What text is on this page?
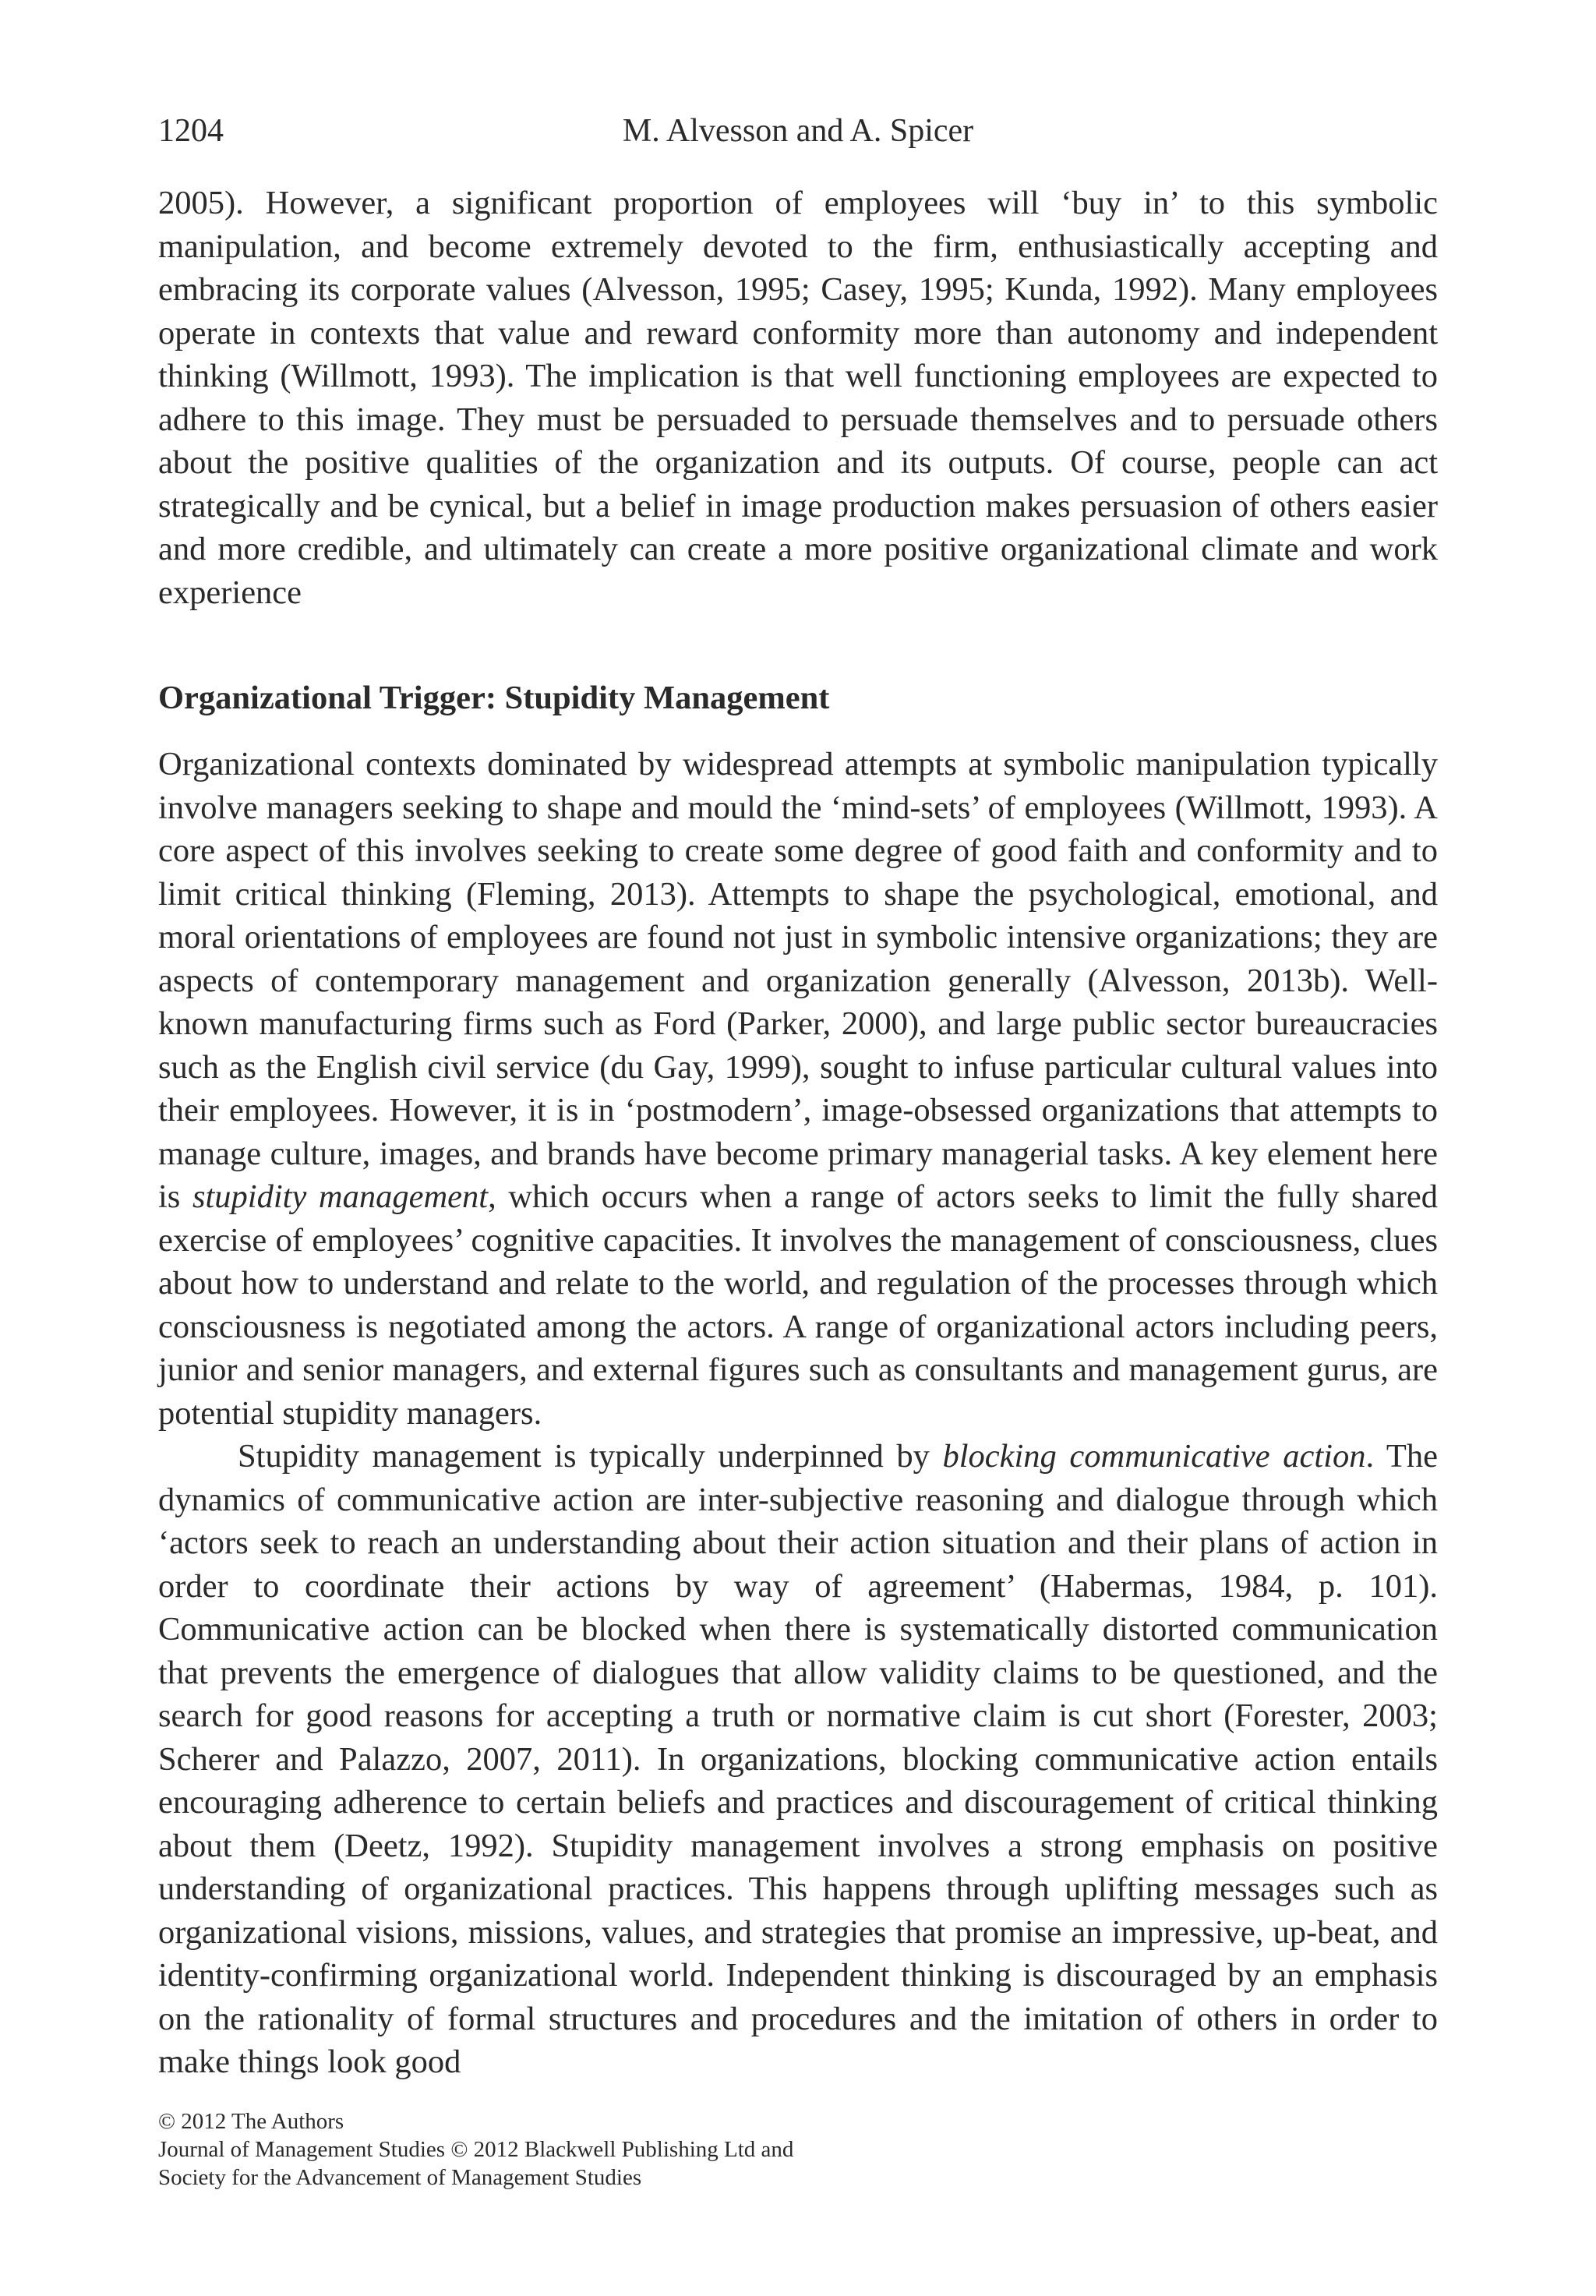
1204	M. Alvesson and A. Spicer

2005). However, a significant proportion of employees will ‘buy in’ to this symbolic manipulation, and become extremely devoted to the firm, enthusiastically accepting and embracing its corporate values (Alvesson, 1995; Casey, 1995; Kunda, 1992). Many employees operate in contexts that value and reward conformity more than autonomy and independent thinking (Willmott, 1993). The implication is that well functioning employees are expected to adhere to this image. They must be persuaded to persuade themselves and to persuade others about the positive qualities of the organization and its outputs. Of course, people can act strategically and be cynical, but a belief in image production makes persuasion of others easier and more credible, and ultimately can create a more positive organizational climate and work experience

Organizational Trigger: Stupidity Management

Organizational contexts dominated by widespread attempts at symbolic manipulation typically involve managers seeking to shape and mould the ‘mind-sets’ of employees (Willmott, 1993). A core aspect of this involves seeking to create some degree of good faith and conformity and to limit critical thinking (Fleming, 2013). Attempts to shape the psychological, emotional, and moral orientations of employees are found not just in symbolic intensive organizations; they are aspects of contemporary management and organization generally (Alvesson, 2013b). Well-known manufacturing firms such as Ford (Parker, 2000), and large public sector bureaucracies such as the English civil service (du Gay, 1999), sought to infuse particular cultural values into their employees. However, it is in ‘postmodern’, image-obsessed organizations that attempts to manage culture, images, and brands have become primary managerial tasks. A key element here is stupidity management, which occurs when a range of actors seeks to limit the fully shared exercise of employees’ cognitive capacities. It involves the management of consciousness, clues about how to understand and relate to the world, and regulation of the processes through which consciousness is negotiated among the actors. A range of organizational actors including peers, junior and senior managers, and external figures such as consultants and management gurus, are potential stupidity managers.

Stupidity management is typically underpinned by blocking communicative action. The dynamics of communicative action are inter-subjective reasoning and dialogue through which ‘actors seek to reach an understanding about their action situation and their plans of action in order to coordinate their actions by way of agreement’ (Habermas, 1984, p. 101). Communicative action can be blocked when there is systematically distorted communication that prevents the emergence of dialogues that allow validity claims to be questioned, and the search for good reasons for accepting a truth or normative claim is cut short (Forester, 2003; Scherer and Palazzo, 2007, 2011). In organizations, blocking communicative action entails encouraging adherence to certain beliefs and practices and discouragement of critical thinking about them (Deetz, 1992). Stupidity management involves a strong emphasis on positive understanding of organizational practices. This happens through uplifting messages such as organizational visions, missions, values, and strategies that promise an impressive, up-beat, and identity-confirming organizational world. Independent thinking is discouraged by an emphasis on the rationality of formal structures and procedures and the imitation of others in order to make things look good

© 2012 The Authors
Journal of Management Studies © 2012 Blackwell Publishing Ltd and
Society for the Advancement of Management Studies
